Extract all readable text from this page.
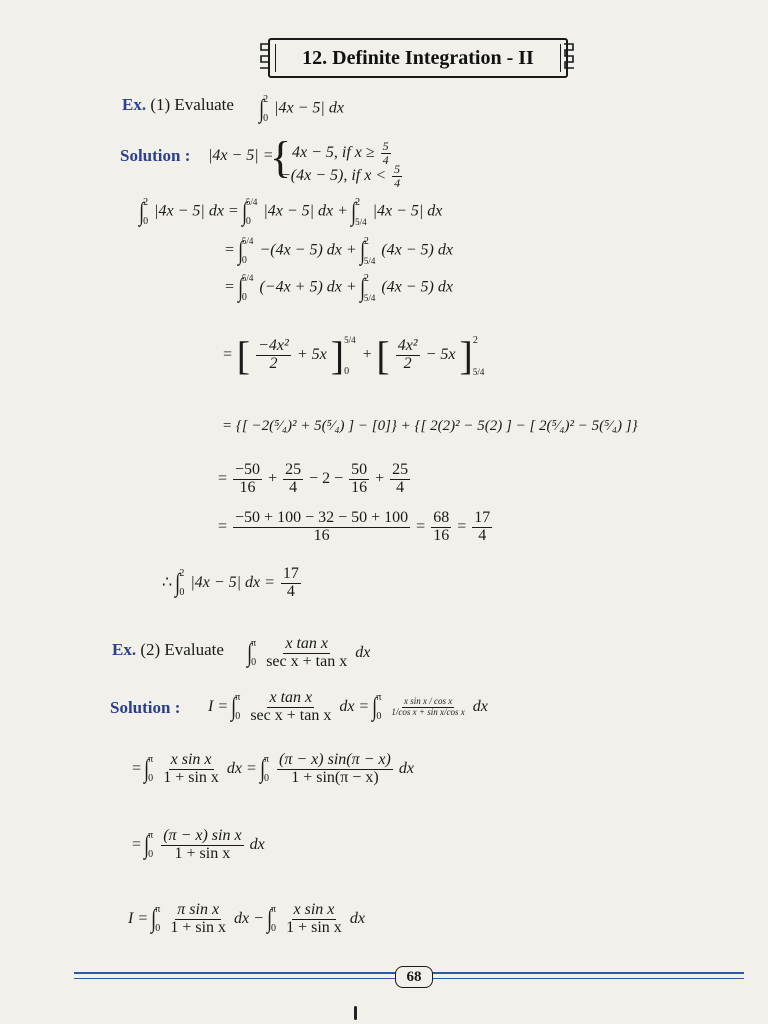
12. Definite Integration - II
Ex. (1) Evaluate ∫ 2
0
|4x − 5| dx
Solution : |4x − 5| =
{ 4x − 5, if $x \ge \frac{5}{4}$
−(4x − 5), if $x < \frac{5}{4}$
∫ 2
0
|4x − 5| dx = ∫ 5/4
0
|4x − 5| dx + ∫ 2
5/4
|4x − 5| dx
= ∫ 5/4
0
−(4x − 5) dx + ∫ 2
5/4
(4x − 5) dx
= ∫ 5/4
0
(−4x + 5) dx + ∫ 2
5/4
(4x − 5) dx
= [ $\frac{\text{−4x²}}{2} + 5x$ ] 5/4
0
+ [ $\frac{\text{4x²}}{2} - 5x$ ] 2
5/4
= {[ −2(⁵⁄₄)² + 5(⁵⁄₄) ] − [0]} + {[ 2(2)² − 5(2) ] − [ 2(⁵⁄₄)² − 5(⁵⁄₄) ]}
= $\frac{-50}{16} + \frac{25}{4} - 2 - \frac{50}{16} + \frac{25}{4}$
= $\frac{-50 + 100 - 32 - 50 + 100}{16} = \frac{68}{16} = \frac{17}{4}$
∴ ∫ 2
0
|4x − 5| dx = $\frac{17}{4}$
Ex. (2) Evaluate ∫ π
0
$\frac{\text{x tan x}}{\text{sec x + tan x}}$ dx
Solution : I = ∫ π
0
$\frac{\text{x tan x}}{\text{sec x + tan x}}$ dx = ∫ π
0
$\frac{\text{x sin x / cos x}}{\text{1/cos x + sin x/cos x}}$ dx
= ∫ π
0
$\frac{\text{x sin x}}{\text{1 + sin x}}$ dx = ∫ π
0
$\frac{(\pi - x) \sin(\pi - x)}{1 + \sin(\pi - x)}$ dx
= ∫ π
0
$\frac{\text{(π − x) sin x}}{\text{1 + sin x}}$ dx
I = ∫ π
0
$\frac{\text{π sin x}}{\text{1 + sin x}}$ dx − ∫ π
0
$\frac{\text{x sin x}}{\text{1 + sin x}}$ dx
68
